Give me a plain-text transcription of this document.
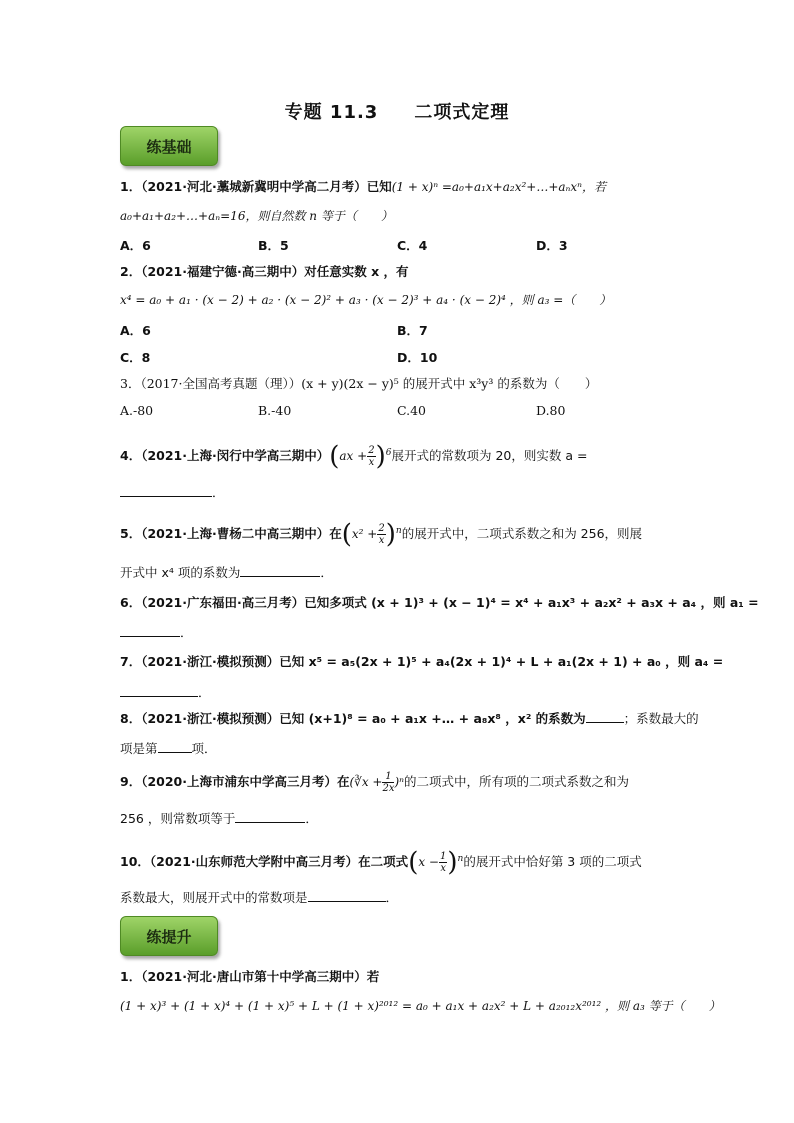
专题 11.3 二项式定理
练基础
1．（2021·河北·藁城新冀明中学高二月考）已知(1 + x)ⁿ =a₀+a₁x+a₂x²+…+aₙxⁿ，若
a₀+a₁+a₂+…+aₙ=16，则自然数 n 等于（　　）
A．6	B．5	C．4	D．3
2．（2021·福建宁德·高三期中）对任意实数 x ，有
x⁴ = a₀ + a₁ · (x − 2) + a₂ · (x − 2)² + a₃ · (x − 2)³ + a₄ · (x − 2)⁴ ，则 a₃ =（　　）
A．6	B．7
C．8	D．10
3．（2017·全国高考真题（理））(x + y)(2x − y)⁵ 的展开式中 x³y³ 的系数为（　　）
A.-80	B.-40	C.40	D.80
4．（2021·上海·闵行中学高三期中）$(ax + \frac{2}{x} )^6$展开式的常数项为 20，则实数 a =
．
5．（2021·上海·曹杨二中高三期中）在$(x^2 + \frac{2}{x} )^n$的展开式中，二项式系数之和为 256，则展
开式中 x⁴ 项的系数为	．
6．（2021·广东福田·高三月考）已知多项式 (x + 1)³ + (x − 1)⁴ = x⁴ + a₁x³ + a₂x² + a₃x + a₄ ，则 a₁ =
．
7．（2021·浙江·模拟预测）已知 x⁵ = a₅(2x + 1)⁵ + a₄(2x + 1)⁴ + L + a₁(2x + 1) + a₀ ，则 a₄ =
．
8．（2021·浙江·模拟预测）已知 (x+1)⁸ = a₀ + a₁x +… + a₈x⁸ ，x² 的系数为	；系数最大的
项是第	项．
9．（2020·上海市浦东中学高三月考）在(∛x + $\frac{1}{2x} )^n$的二项式中，所有项的二项式系数之和为
256 ，则常数项等于	．
10．（2021·山东师范大学附中高三月考）在二项式$(x - \frac{1}{x} )^n$的展开式中恰好第 3 项的二项式
系数最大，则展开式中的常数项是	．
练提升
1．（2021·河北·唐山市第十中学高三期中）若
(1 + x)³ + (1 + x)⁴ + (1 + x)⁵ + L + (1 + x)²⁰¹² = a₀ + a₁x + a₂x² + L + a₂₀₁₂x²⁰¹² ，则 a₃ 等于（　　）
